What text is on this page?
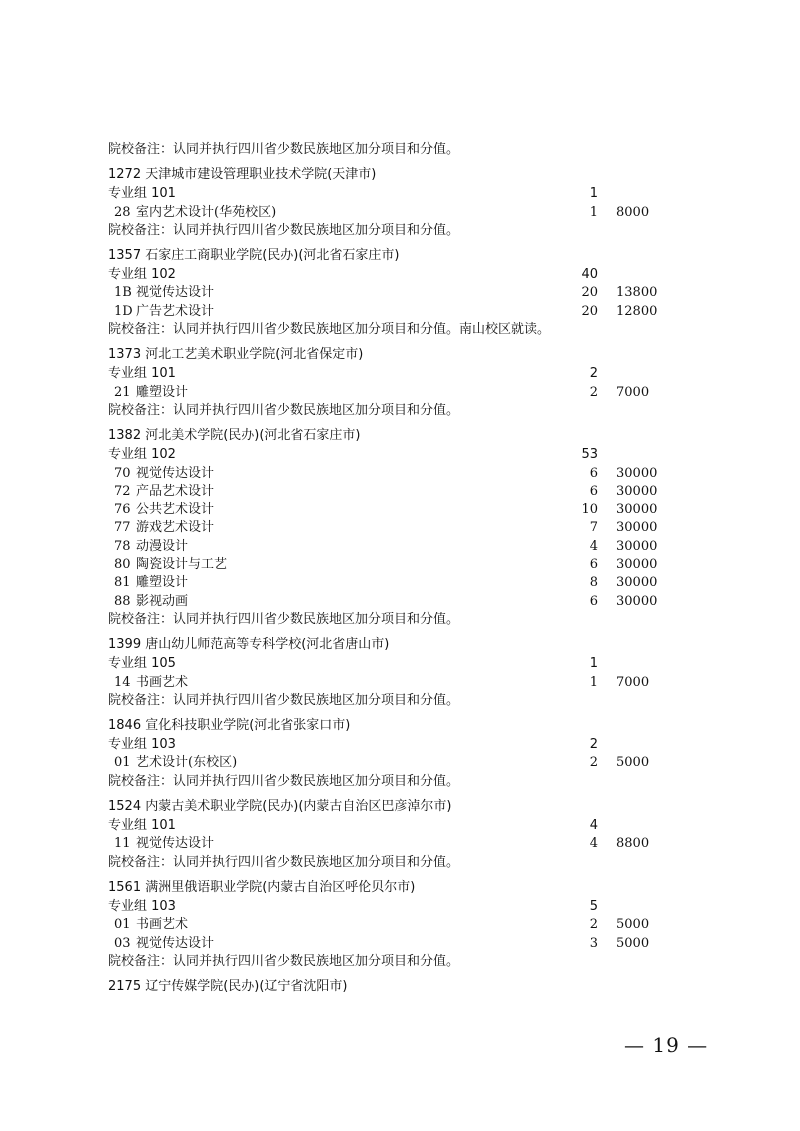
院校备注：认同并执行四川省少数民族地区加分项目和分值。
1272 天津城市建设管理职业技术学院(天津市)
专业组 101	1
28 室内艺术设计(华苑校区)	1 8000
院校备注：认同并执行四川省少数民族地区加分项目和分值。
1357 石家庄工商职业学院(民办)(河北省石家庄市)
专业组 102	40
1B 视觉传达设计	20 13800
1D 广告艺术设计	20 12800
院校备注：认同并执行四川省少数民族地区加分项目和分值。南山校区就读。
1373 河北工艺美术职业学院(河北省保定市)
专业组 101	2
21 雕塑设计	2 7000
院校备注：认同并执行四川省少数民族地区加分项目和分值。
1382 河北美术学院(民办)(河北省石家庄市)
专业组 102	53
70 视觉传达设计	6 30000
72 产品艺术设计	6 30000
76 公共艺术设计	10 30000
77 游戏艺术设计	7 30000
78 动漫设计	4 30000
80 陶瓷设计与工艺	6 30000
81 雕塑设计	8 30000
88 影视动画	6 30000
院校备注：认同并执行四川省少数民族地区加分项目和分值。
1399 唐山幼儿师范高等专科学校(河北省唐山市)
专业组 105	1
14 书画艺术	1 7000
院校备注：认同并执行四川省少数民族地区加分项目和分值。
1846 宣化科技职业学院(河北省张家口市)
专业组 103	2
01 艺术设计(东校区)	2 5000
院校备注：认同并执行四川省少数民族地区加分项目和分值。
1524 内蒙古美术职业学院(民办)(内蒙古自治区巴彦淖尔市)
专业组 101	4
11 视觉传达设计	4 8800
院校备注：认同并执行四川省少数民族地区加分项目和分值。
1561 满洲里俄语职业学院(内蒙古自治区呼伦贝尔市)
专业组 103	5
01 书画艺术	2 5000
03 视觉传达设计	3 5000
院校备注：认同并执行四川省少数民族地区加分项目和分值。
2175 辽宁传媒学院(民办)(辽宁省沈阳市)
— 19 —
